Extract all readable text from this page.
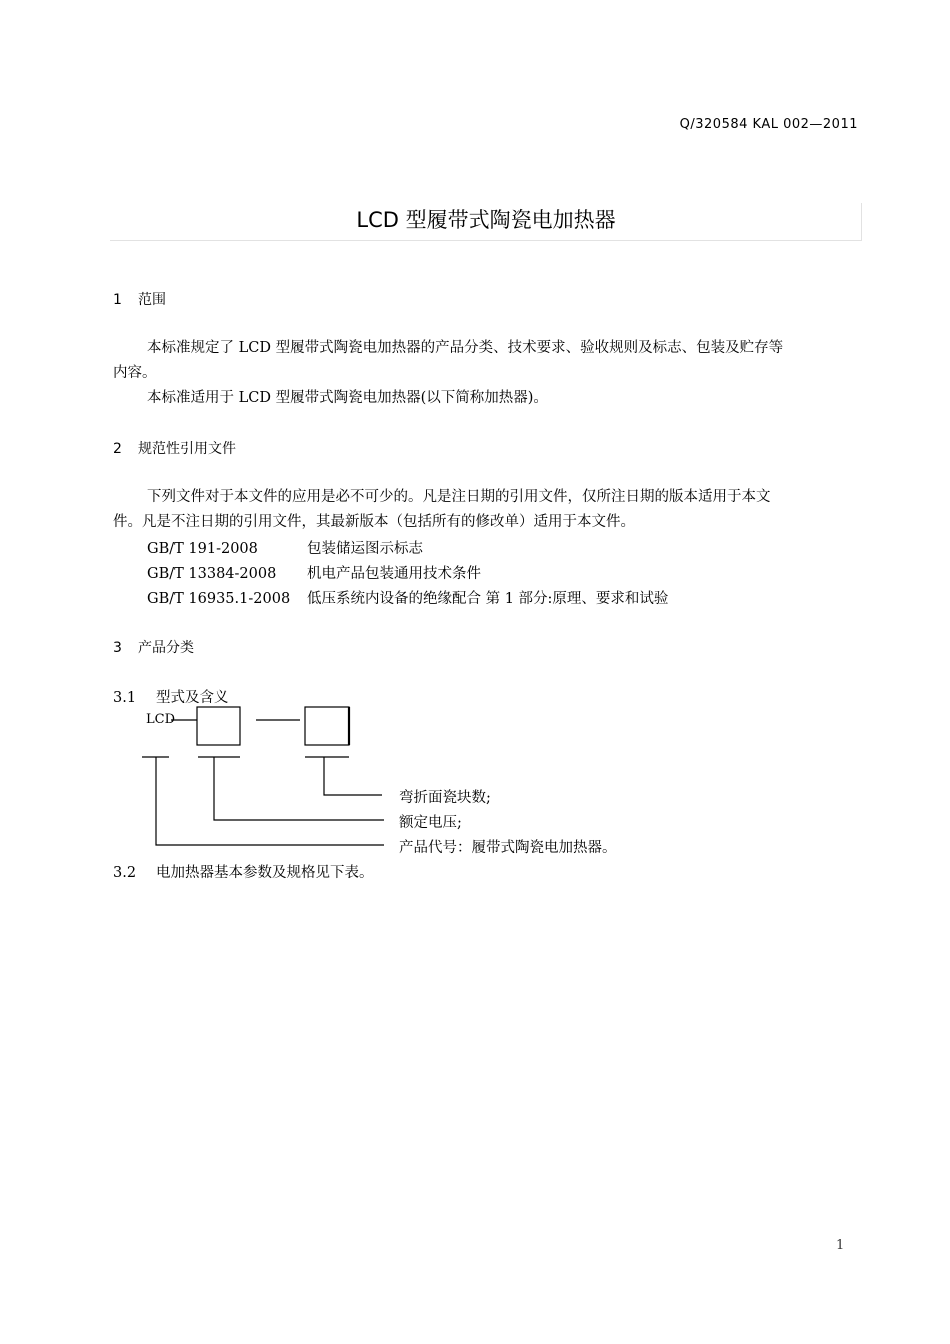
Q/320584 KAL 002—2011
LCD 型履带式陶瓷电加热器
1 范围
本标准规定了 LCD 型履带式陶瓷电加热器的产品分类、技术要求、验收规则及标志、包装及贮存等
内容。
本标准适用于 LCD 型履带式陶瓷电加热器(以下简称加热器)。
2 规范性引用文件
下列文件对于本文件的应用是必不可少的。凡是注日期的引用文件，仅所注日期的版本适用于本文
件。凡是不注日期的引用文件，其最新版本（包括所有的修改单）适用于本文件。
GB/T 191-2008	包装储运图示标志
GB/T 13384-2008 机电产品包装通用技术条件
GB/T 16935.1-2008 低压系统内设备的绝缘配合 第 1 部分:原理、要求和试验
3 产品分类
3.1 型式及含义
LCD
弯折面瓷块数;
额定电压;
产品代号：履带式陶瓷电加热器。
3.2 电加热器基本参数及规格见下表。
1
